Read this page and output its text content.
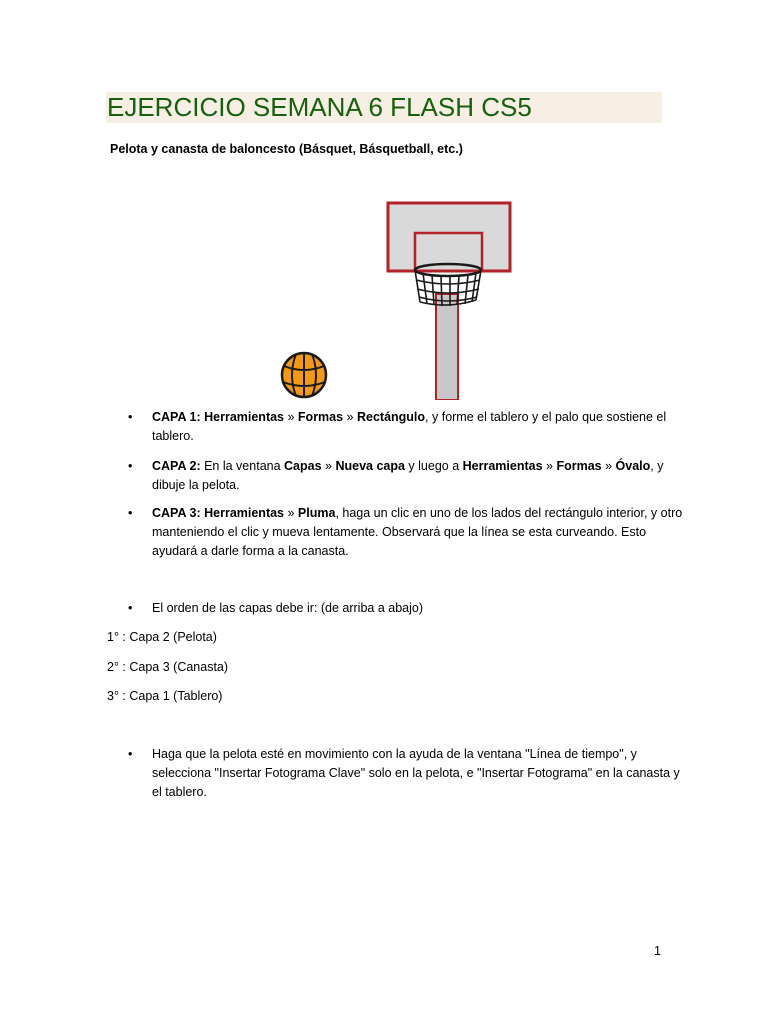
EJERCICIO SEMANA 6 FLASH CS5
Pelota y canasta de baloncesto (Básquet, Básquetball, etc.)
• CAPA 1: Herramientas » Formas » Rectángulo, y forme el tablero y el palo que sostiene el tablero.
• CAPA 2: En la ventana Capas » Nueva capa y luego a Herramientas » Formas » Óvalo, y dibuje la pelota.
• CAPA 3: Herramientas » Pluma, haga un clic en uno de los lados del rectángulo interior, y otro manteniendo el clic y mueva lentamente. Observará que la línea se esta curveando. Esto ayudará a darle forma a la canasta.
• El orden de las capas debe ir: (de arriba a abajo)
• Haga que la pelota esté en movimiento con la ayuda de la ventana "Línea de tiempo", y selecciona "Insertar Fotograma Clave" solo en la pelota, e "Insertar Fotograma" en la canasta y el tablero.
1° : Capa 2 (Pelota)
2° : Capa 3 (Canasta)
3° : Capa 1 (Tablero)
1
